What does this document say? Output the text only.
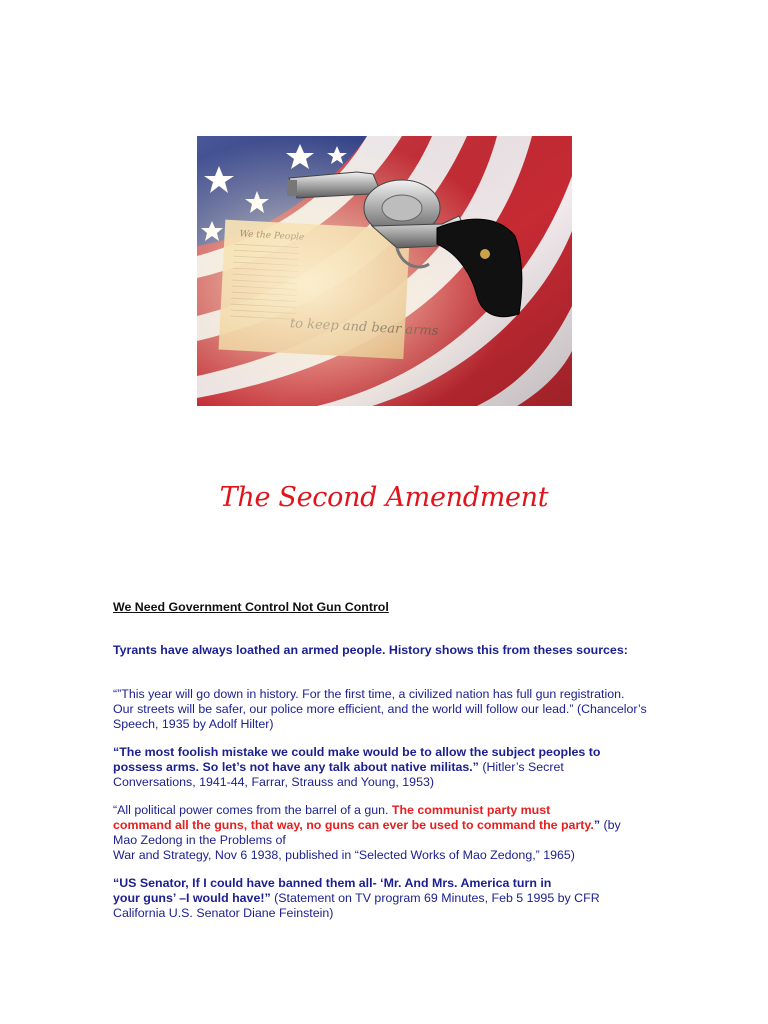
The Second Amendment
We Need Government Control Not Gun Control
Tyrants have always loathed an armed people. History shows this from theses sources:
“”This year will go down in history. For the first time, a civilized nation has full gun registration.
Our streets will be safer, our police more efficient, and the world will follow our lead.” (Chancelor’s
Speech, 1935 by Adolf Hilter)
“The most foolish mistake we could make would be to allow the subject peoples to
possess arms. So let’s not have any talk about native militas.” (Hitler’s Secret
Conversations, 1941-44, Farrar, Strauss and Young, 1953)
“All political power comes from the barrel of a gun. The communist party must
command all the guns, that way, no guns can ever be used to command the party.” (by
Mao Zedong in the Problems of
War and Strategy, Nov 6 1938, published in “Selected Works of Mao Zedong,” 1965)
“US Senator, If I could have banned them all- ‘Mr. And Mrs. America turn in
your guns’ –I would have!” (Statement on TV program 69 Minutes, Feb 5 1995 by CFR
California U.S. Senator Diane Feinstein)
